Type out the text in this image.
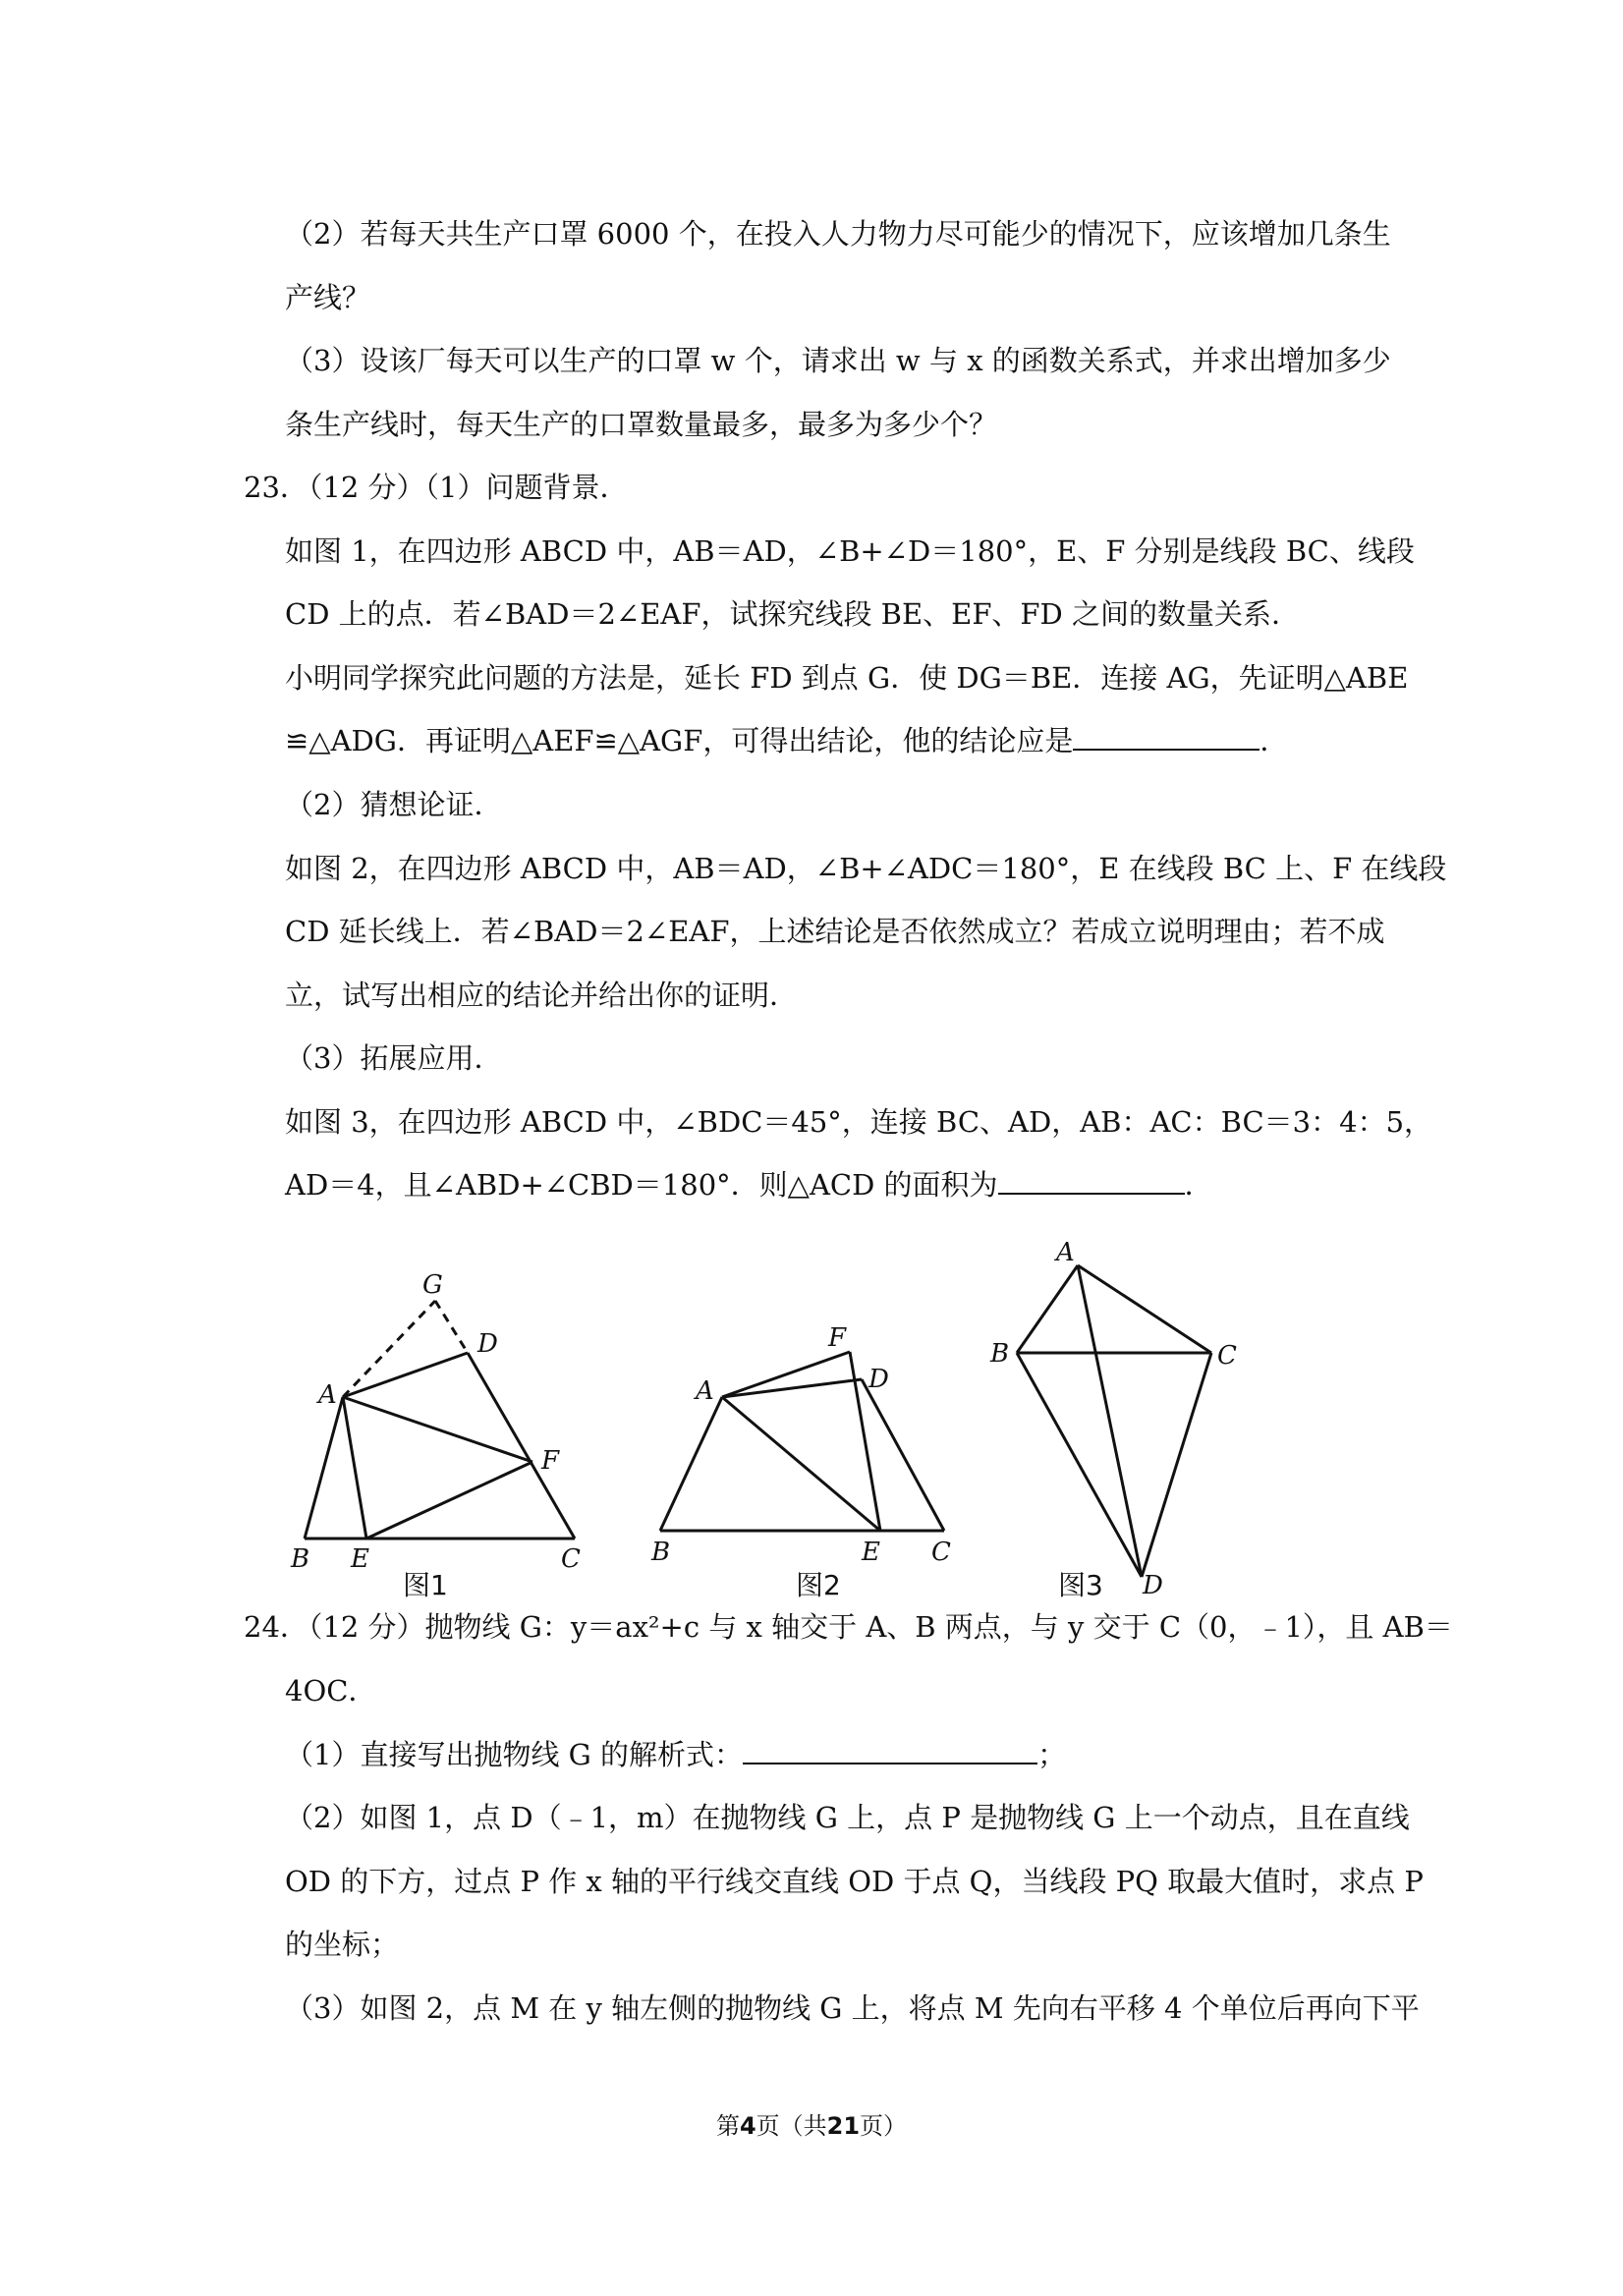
（2）若每天共生产口罩 6000 个，在投入人力物力尽可能少的情况下，应该增加几条生
产线？
（3）设该厂每天可以生产的口罩 w 个，请求出 w 与 x 的函数关系式，并求出增加多少
条生产线时，每天生产的口罩数量最多，最多为多少个？
23．（12 分）（1）问题背景．
如图 1，在四边形 ABCD 中，AB＝AD，∠B+∠D＝180°，E、F 分别是线段 BC、线段
CD 上的点．若∠BAD＝2∠EAF，试探究线段 BE、EF、FD 之间的数量关系．
小明同学探究此问题的方法是，延长 FD 到点 G．使 DG＝BE．连接 AG，先证明△ABE
≌△ADG．再证明△AEF≌△AGF，可得出结论，他的结论应是	．
（2）猜想论证．
如图 2，在四边形 ABCD 中，AB＝AD，∠B+∠ADC＝180°，E 在线段 BC 上、F 在线段
CD 延长线上．若∠BAD＝2∠EAF，上述结论是否依然成立？若成立说明理由；若不成
立，试写出相应的结论并给出你的证明．
（3）拓展应用．
如图 3，在四边形 ABCD 中，∠BDC＝45°，连接 BC、AD，AB：AC：BC＝3：4：5，
AD＝4，且∠ABD+∠CBD＝180°．则△ACD 的面积为	．
24．（12 分）抛物线 G：y＝ax²+c 与 x 轴交于 A、B 两点，与 y 交于 C（0，﹣1），且 AB＝
4OC．
（1）直接写出抛物线 G 的解析式：	；
（2）如图 1，点 D（﹣1，m）在抛物线 G 上，点 P 是抛物线 G 上一个动点，且在直线
OD 的下方，过点 P 作 x 轴的平行线交直线 OD 于点 Q，当线段 PQ 取最大值时，求点 P
的坐标；
（3）如图 2，点 M 在 y 轴左侧的抛物线 G 上，将点 M 先向右平移 4 个单位后再向下平
G
D
A
F
B E	C
图1
F
D
A
B	E C
图2
A
B	C
D
图3
第4页（共21页）
